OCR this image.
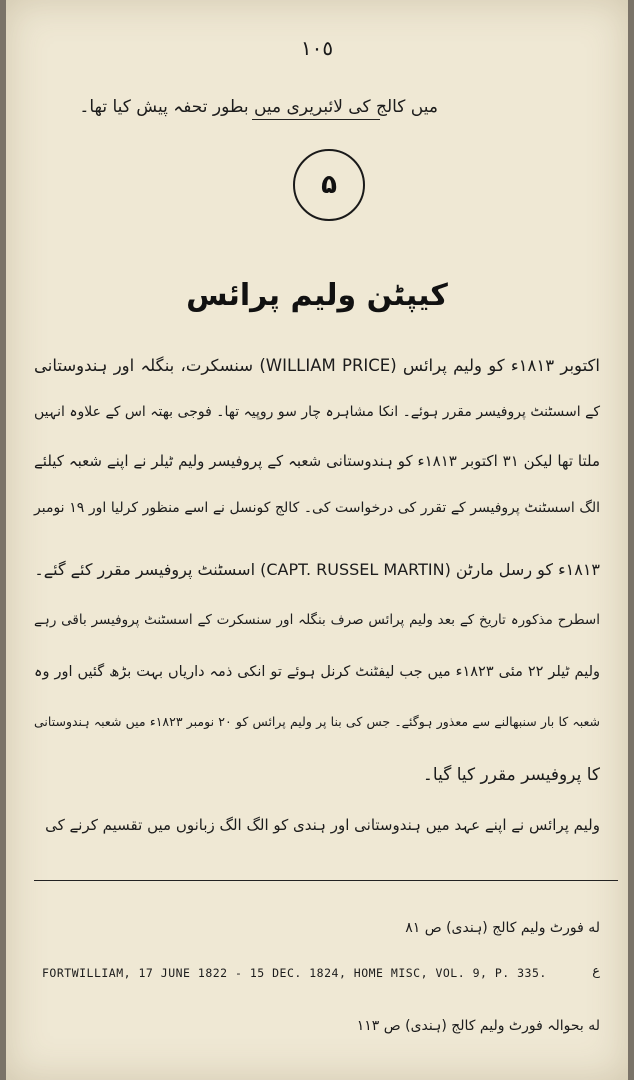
١٠٥
میں کالج کی لائبریری میں بطور تحفہ پیش کیا تھا۔
۵
کیپٹن ولیم پرائس
اکتوبر ۱۸۱۳ء کو ولیم پرائس (WILLIAM PRICE) سنسکرت، بنگلہ اور ہندوستانی
کے اسسٹنٹ پروفیسر مقرر ہوئے۔ انکا مشاہرہ چار سو روپیہ تھا۔ فوجی بھتہ اس کے علاوہ انہیں
ملتا تھا لیکن ۳۱ اکتوبر ۱۸۱۳ء کو ہندوستانی شعبہ کے پروفیسر ولیم ٹیلر نے اپنے شعبہ کیلئے
الگ اسسٹنٹ پروفیسر کے تقرر کی درخواست کی۔ کالج کونسل نے اسے منظور کرلیا اور ۱۹ نومبر
۱۸۱۳ء کو رسل مارٹن (CAPT. RUSSEL MARTIN) اسسٹنٹ پروفیسر مقرر کئے گئے۔
اسطرح مذکورہ تاریخ کے بعد ولیم پرائس صرف بنگلہ اور سنسکرت کے اسسٹنٹ پروفیسر باقی رہے
ولیم ٹیلر ۲۲ مئی ۱۸۲۳ء میں جب لیفٹنٹ کرنل ہوئے تو انکی ذمہ داریاں بہت بڑھ گئیں اور وہ
شعبہ کا بار سنبھالنے سے معذور ہوگئے۔ جس کی بنا پر ولیم پرائس کو ۲۰ نومبر ۱۸۲۳ء میں شعبہ ہندوستانی
کا پروفیسر مقرر کیا گیا۔
ولیم پرائس نے اپنے عہد میں ہندوستانی اور ہندی کو الگ الگ زبانوں میں تقسیم کرنے کی
له فورٹ ولیم کالج (ہندی) ص ۸۱
ع
FORTWILLIAM, 17 JUNE 1822 - 15 DEC. 1824, HOME MISC, VOL. 9, P. 335.
له بحوالہ فورٹ ولیم کالج (ہندی) ص ۱۱۳
